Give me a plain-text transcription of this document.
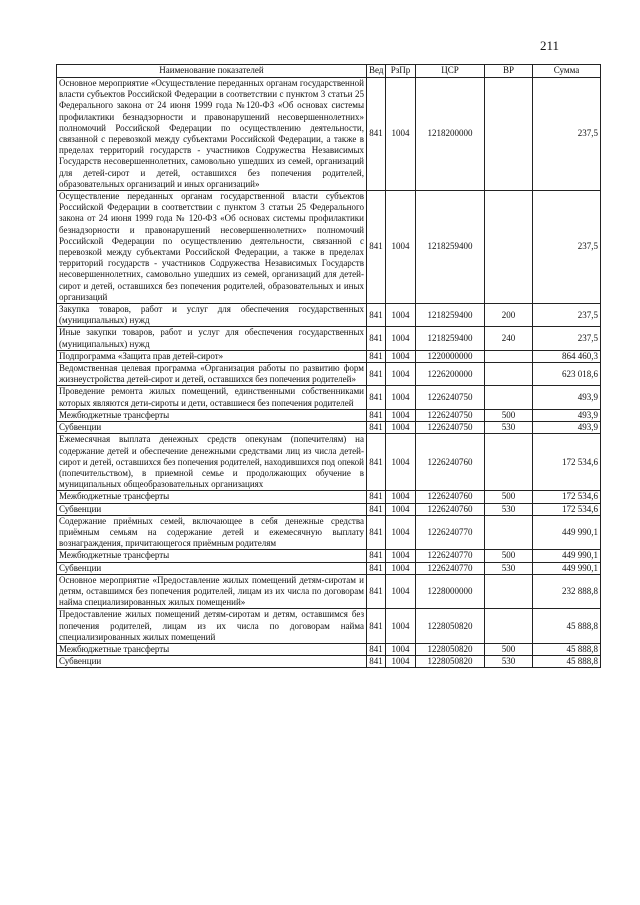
211
Наименование показателей	Вед	РзПр	ЦСР	ВР	Сумма
Основное мероприятие «Осуществление переданных органам государственной власти субъектов Российской Федерации в соответствии с пунктом 3 статьи 25 Федерального закона от 24 июня 1999 года №120-ФЗ «Об основах системы профилактики безнадзорности и правонарушений несовершеннолетних» полномочий Российской Федерации по осуществлению деятельности, связанной с перевозкой между субъектами Российской Федерации, а также в пределах территорий государств - участников Содружества Независимых Государств несовершеннолетних, самовольно ушедших из семей, организаций для детей-сирот и детей, оставшихся без попечения родителей, образовательных организаций и иных организаций»	841	1004	1218200000		237,5
Осуществление переданных органам государственной власти субъектов Российской Федерации в соответствии с пунктом 3 статьи 25 Федерального закона от 24 июня 1999 года № 120-ФЗ «Об основах системы профилактики безнадзорности и правонарушений несовершеннолетних» полномочий Российской Федерации по осуществлению деятельности, связанной с перевозкой между субъектами Российской Федерации, а также в пределах территорий государств - участников Содружества Независимых Государств несовершеннолетних, самовольно ушедших из семей, организаций для детей-сирот и детей, оставшихся без попечения родителей, образовательных и иных организаций	841	1004	1218259400		237,5
Закупка товаров, работ и услуг для обеспечения государственных (муниципальных) нужд	841	1004	1218259400	200	237,5
Иные закупки товаров, работ и услуг для обеспечения государственных (муниципальных) нужд	841	1004	1218259400	240	237,5
Подпрограмма «Защита прав детей-сирот»	841	1004	1220000000		864 460,3
Ведомственная целевая программа «Организация работы по развитию форм жизнеустройства детей-сирот и детей, оставшихся без попечения родителей»	841	1004	1226200000		623 018,6
Проведение ремонта жилых помещений, единственными собственниками которых являются дети-сироты и дети, оставшиеся без попечения родителей	841	1004	1226240750		493,9
Межбюджетные трансферты	841	1004	1226240750	500	493,9
Субвенции	841	1004	1226240750	530	493,9
Ежемесячная выплата денежных средств опекунам (попечителям) на содержание детей и обеспечение денежными средствами лиц из числа детей-сирот и детей, оставшихся без попечения родителей, находившихся под опекой (попечительством), в приемной семье и продолжающих обучение в муниципальных общеобразовательных организациях	841	1004	1226240760		172 534,6
Межбюджетные трансферты	841	1004	1226240760	500	172 534,6
Субвенции	841	1004	1226240760	530	172 534,6
Содержание приёмных семей, включающее в себя денежные средства приёмным семьям на содержание детей и ежемесячную выплату вознаграждения, причитающегося приёмным родителям	841	1004	1226240770		449 990,1
Межбюджетные трансферты	841	1004	1226240770	500	449 990,1
Субвенции	841	1004	1226240770	530	449 990,1
Основное мероприятие «Предоставление жилых помещений детям-сиротам и детям, оставшимся без попечения родителей, лицам из их числа по договорам найма специализированных жилых помещений»	841	1004	1228000000		232 888,8
Предоставление жилых помещений детям-сиротам и детям, оставшимся без попечения родителей, лицам из их числа по договорам найма специализированных жилых помещений	841	1004	1228050820		45 888,8
Межбюджетные трансферты	841	1004	1228050820	500	45 888,8
Субвенции	841	1004	1228050820	530	45 888,8
